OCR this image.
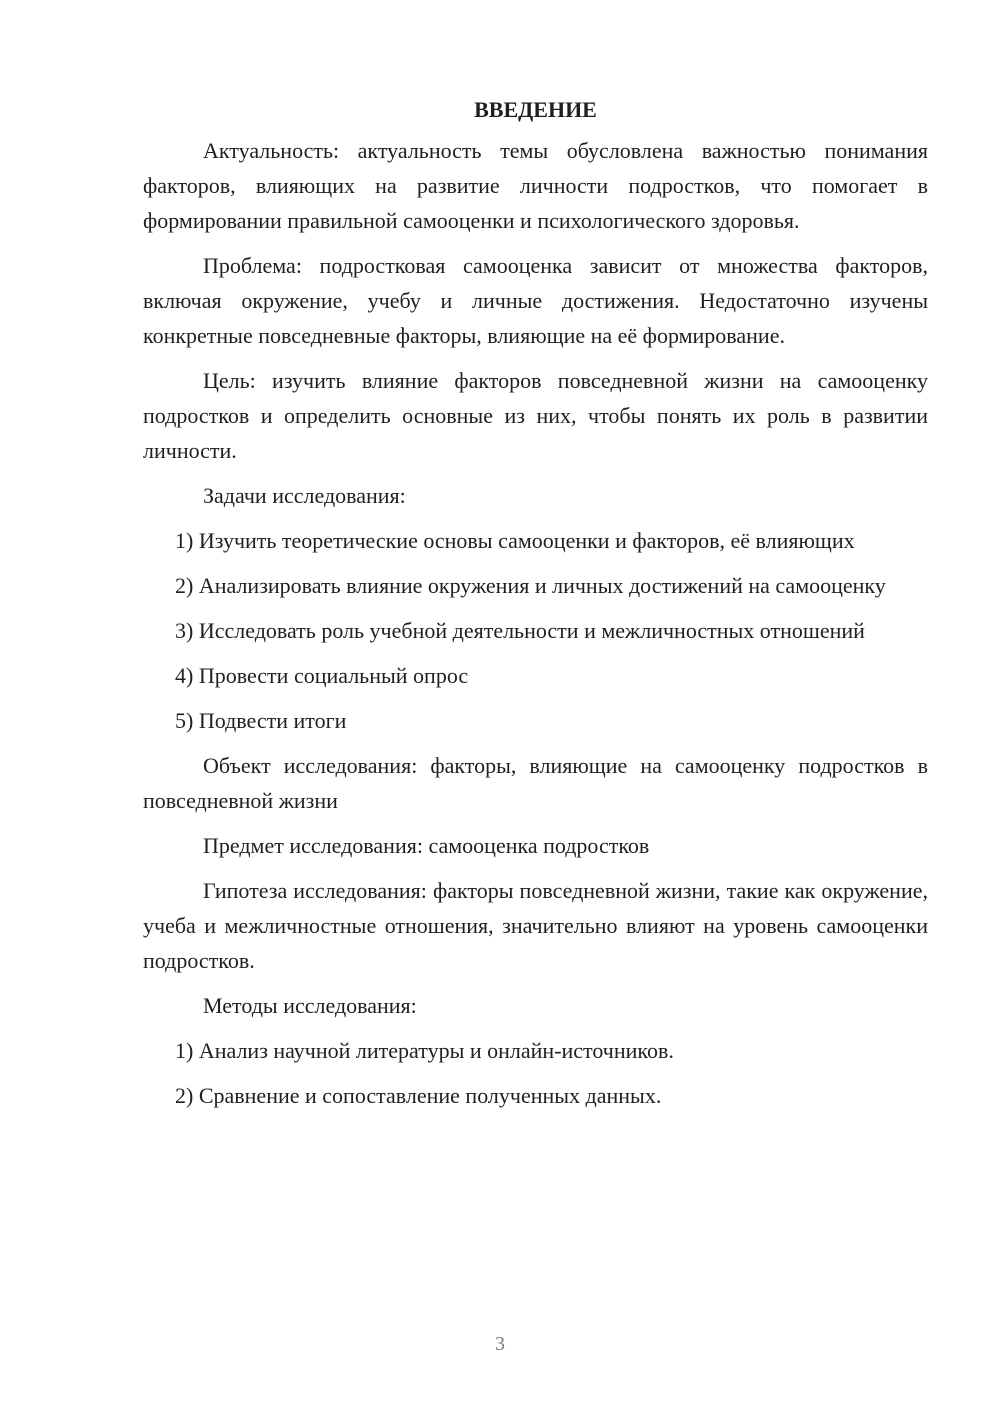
ВВЕДЕНИЕ

Актуальность: актуальность темы обусловлена важностью понимания факторов, влияющих на развитие личности подростков, что помогает в формировании правильной самооценки и психологического здоровья.

Проблема: подростковая самооценка зависит от множества факторов, включая окружение, учебу и личные достижения. Недостаточно изучены конкретные повседневные факторы, влияющие на её формирование.

Цель: изучить влияние факторов повседневной жизни на самооценку подростков и определить основные из них, чтобы понять их роль в развитии личности.

Задачи исследования:

1) Изучить теоретические основы самооценки и факторов, её влияющих

2) Анализировать влияние окружения и личных достижений на самооценку

3) Исследовать роль учебной деятельности и межличностных отношений

4) Провести социальный опрос

5) Подвести итоги

Объект исследования: факторы, влияющие на самооценку подростков в повседневной жизни

Предмет исследования: самооценка подростков

Гипотеза исследования: факторы повседневной жизни, такие как окружение, учеба и межличностные отношения, значительно влияют на уровень самооценки подростков.

Методы исследования:

1) Анализ научной литературы и онлайн-источников.

2) Сравнение и сопоставление полученных данных.

3
